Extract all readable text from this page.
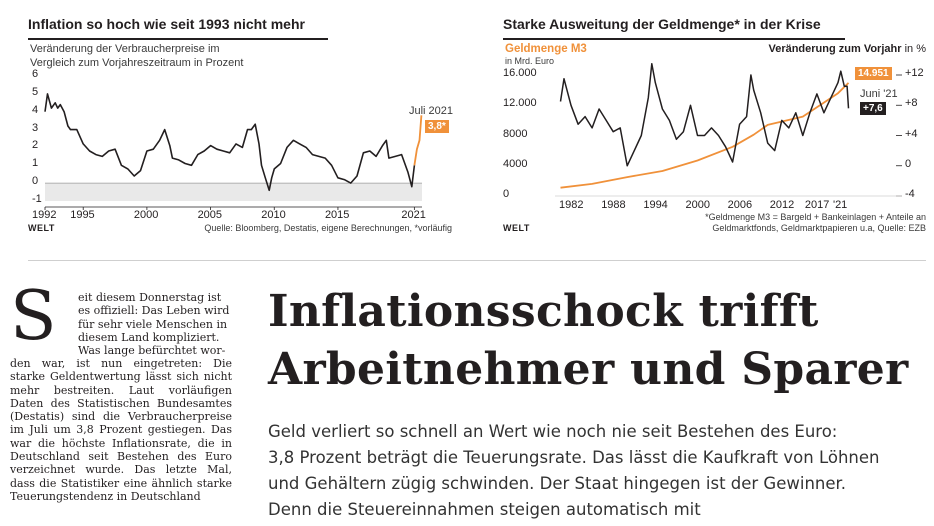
Inflation so hoch wie seit 1993 nicht mehr
Veränderung der Verbraucherpreise im
Vergleich zum Vorjahreszeitraum in Prozent
6
5
4
3
2
1
0
-1
1992 1995	2000	2005	2010	2015	2021
Juli 2021
3,8*
WELT	Quelle: Bloomberg, Destatis, eigene Berechnungen, *vorläufig
Starke Ausweitung der Geldmenge* in der Krise
Geldmenge M3
in Mrd. Euro
Veränderung zum Vorjahr in %
16.000
12.000
8000
4000
0
+12
+8
+4
0
-4
1982 1988 1994 2000 2006 2012 2017 '21
14.951
Juni '21
+7,6
WELT
*Geldmenge M3 = Bargeld + Bankeinlagen + Anteile an
Geldmarktfonds, Geldmarktpapieren u.a, Quelle: EZB
S eit diesem Donnerstag ist
es offiziell: Das Leben wird
für sehr viele Menschen in
diesem Land kompliziert.
Was lange befürchtet wor-
den war, ist nun eingetreten: Die starke Geldentwertung lässt sich nicht mehr bestreiten. Laut vorläufigen Daten des Statistischen Bundesamtes (Destatis) sind die Verbraucherpreise im Juli um 3,8 Prozent gestiegen. Das war die höchste Inflationsrate, die in Deutschland seit Bestehen des Euro verzeichnet wurde. Das letzte Mal, dass die Statistiker eine ähnlich starke Teuerungstendenz in Deutschland
Inflationsschock trifft
Arbeitnehmer und Sparer
Geld verliert so schnell an Wert wie noch nie seit Bestehen des Euro:
3,8 Prozent beträgt die Teuerungsrate. Das lässt die Kaufkraft von Löhnen
und Gehältern zügig schwinden. Der Staat hingegen ist der Gewinner.
Denn die Steuereinnahmen steigen automatisch mit
